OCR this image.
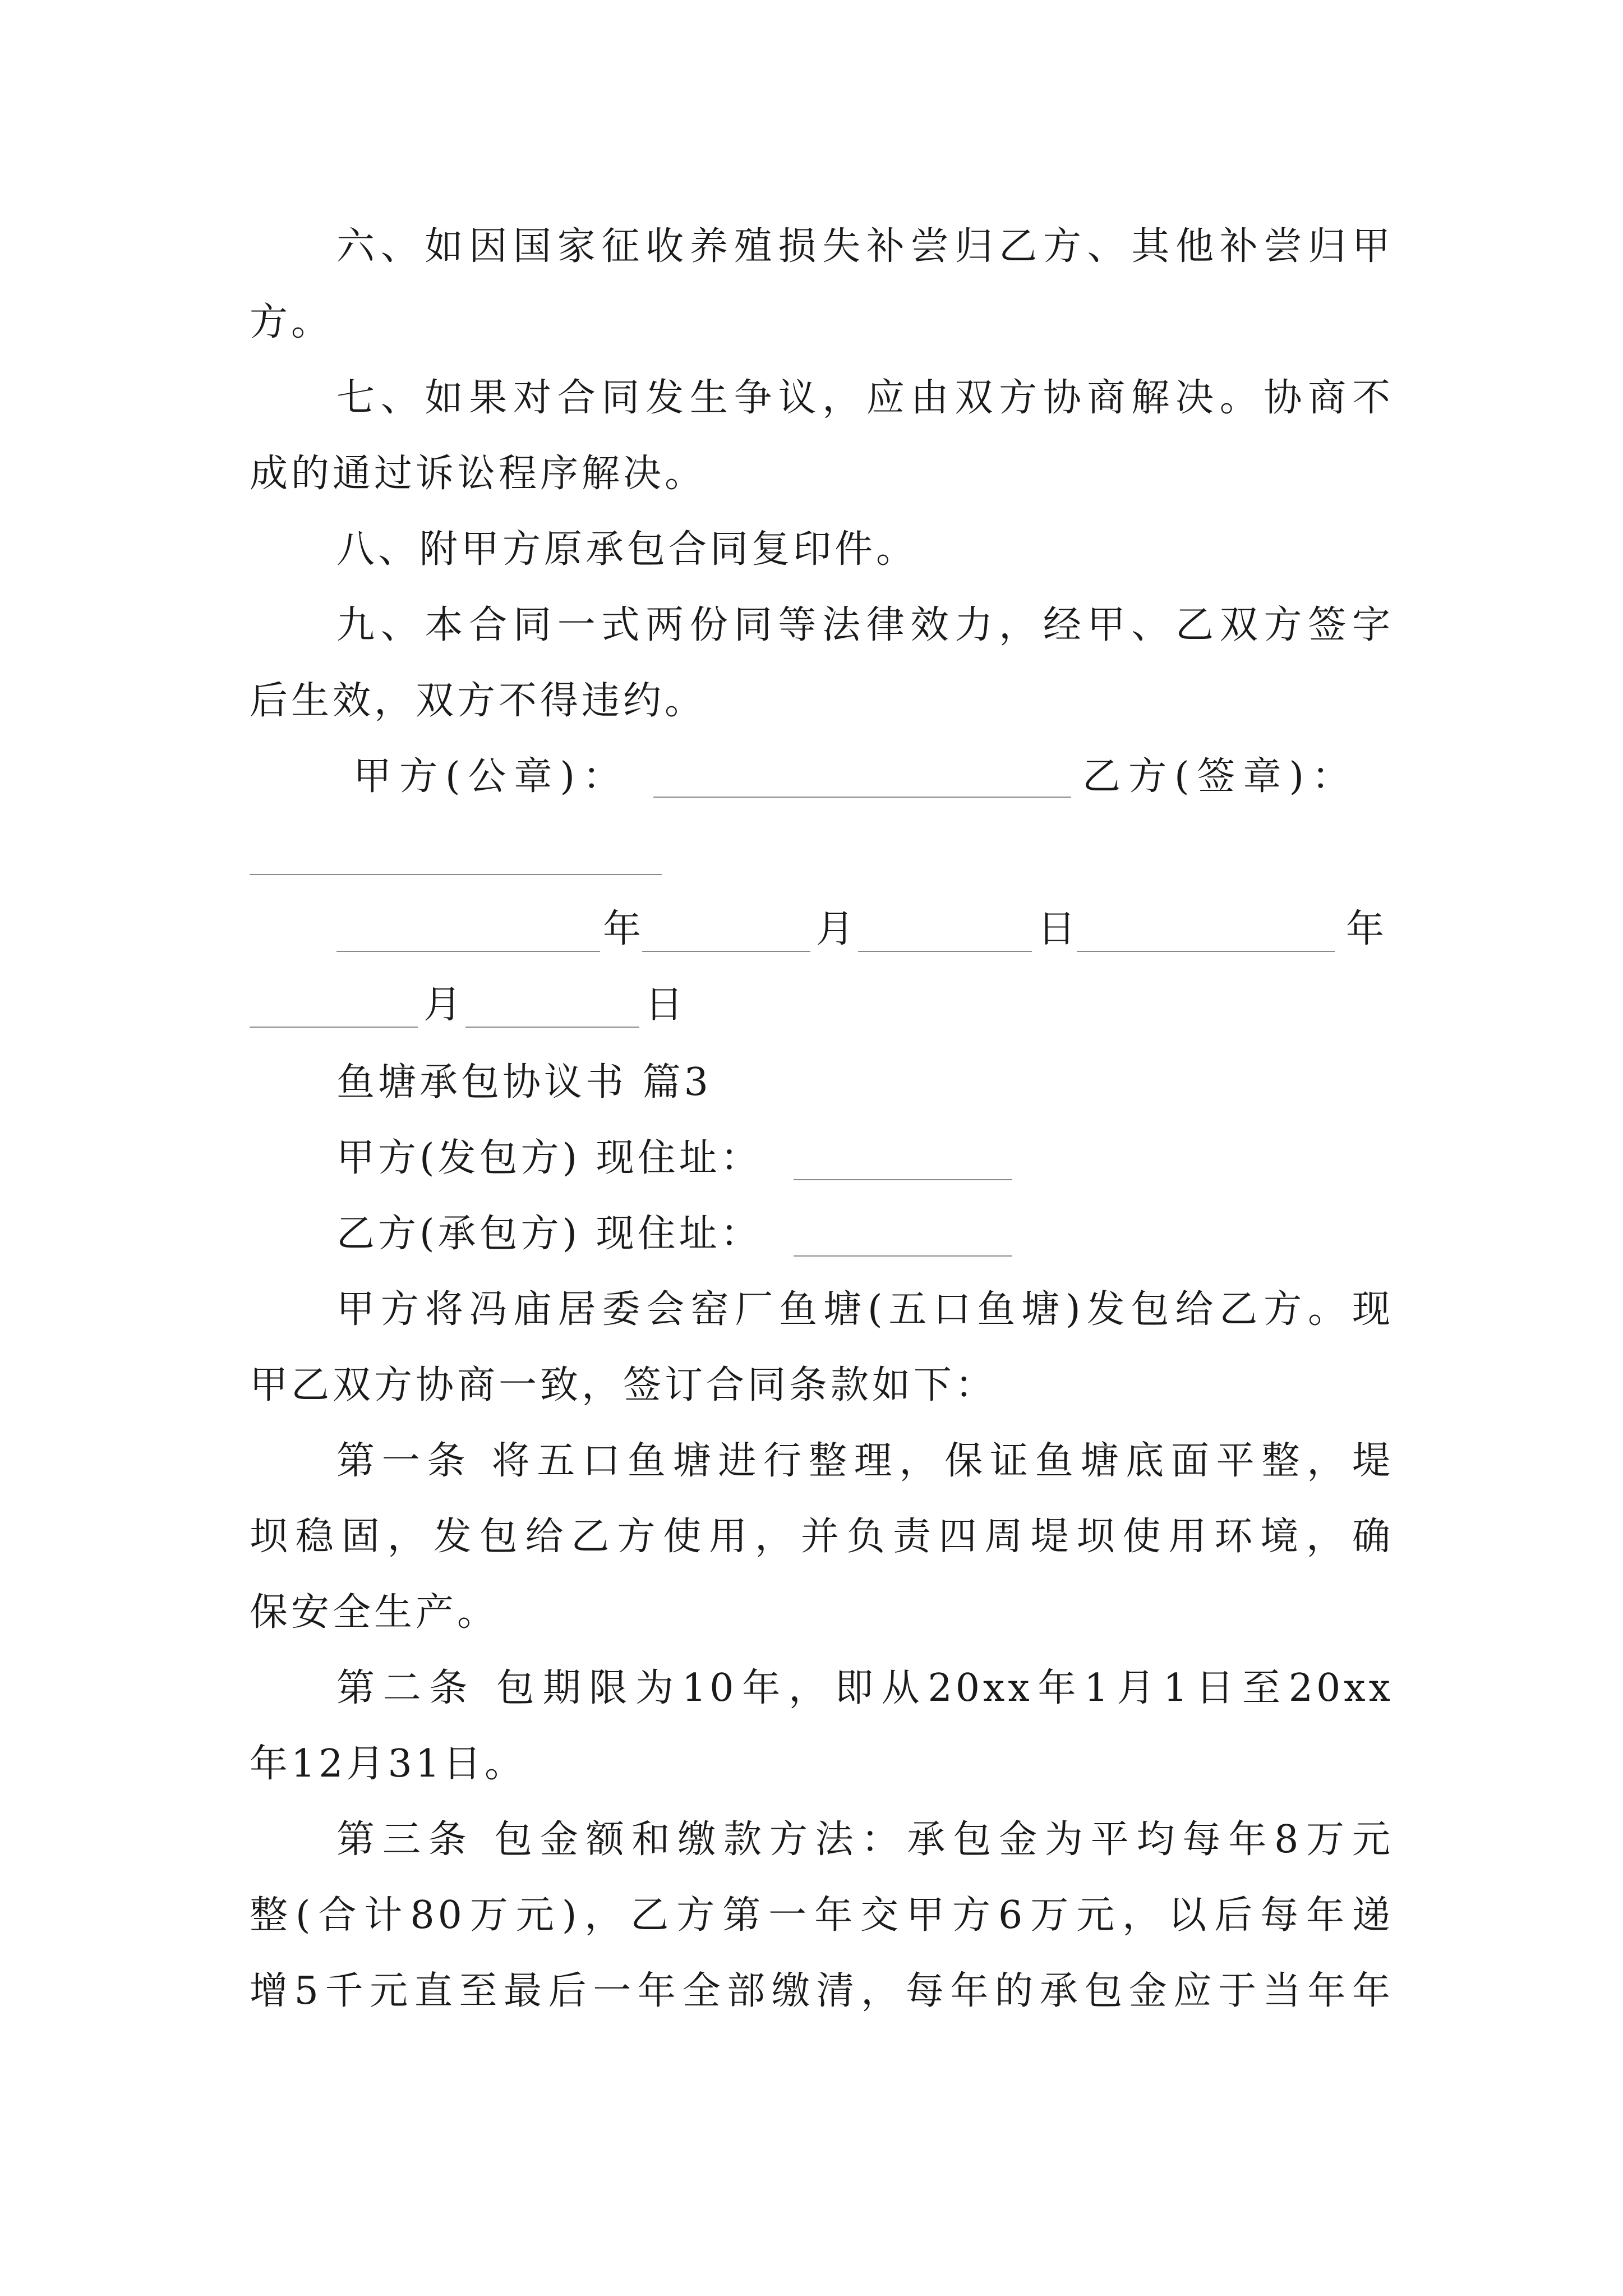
六、如因国家征收养殖损失补尝归乙方、其他补尝归甲
方。
七、如果对合同发生争议，应由双方协商解决。协商不
成的通过诉讼程序解决。
八、附甲方原承包合同复印件。
九、本合同一式两份同等法律效力，经甲、乙双方签字
后生效，双方不得违约。
甲方(公章)：	乙方(签章)：
年	月	日	年
月	日
鱼塘承包协议书 篇3
甲方(发包方) 现住址：
乙方(承包方) 现住址：
甲方将冯庙居委会窑厂鱼塘(五口鱼塘)发包给乙方。现
甲乙双方协商一致，签订合同条款如下：
第一条 将五口鱼塘进行整理，保证鱼塘底面平整，堤
坝稳固，发包给乙方使用，并负责四周堤坝使用环境，确
保安全生产。
第二条 包期限为10年，即从20xx年1月1日至20xx
年12月31日。
第三条 包金额和缴款方法：承包金为平均每年8万元
整(合计80万元)，乙方第一年交甲方6万元，以后每年递
增5千元直至最后一年全部缴清，每年的承包金应于当年年
